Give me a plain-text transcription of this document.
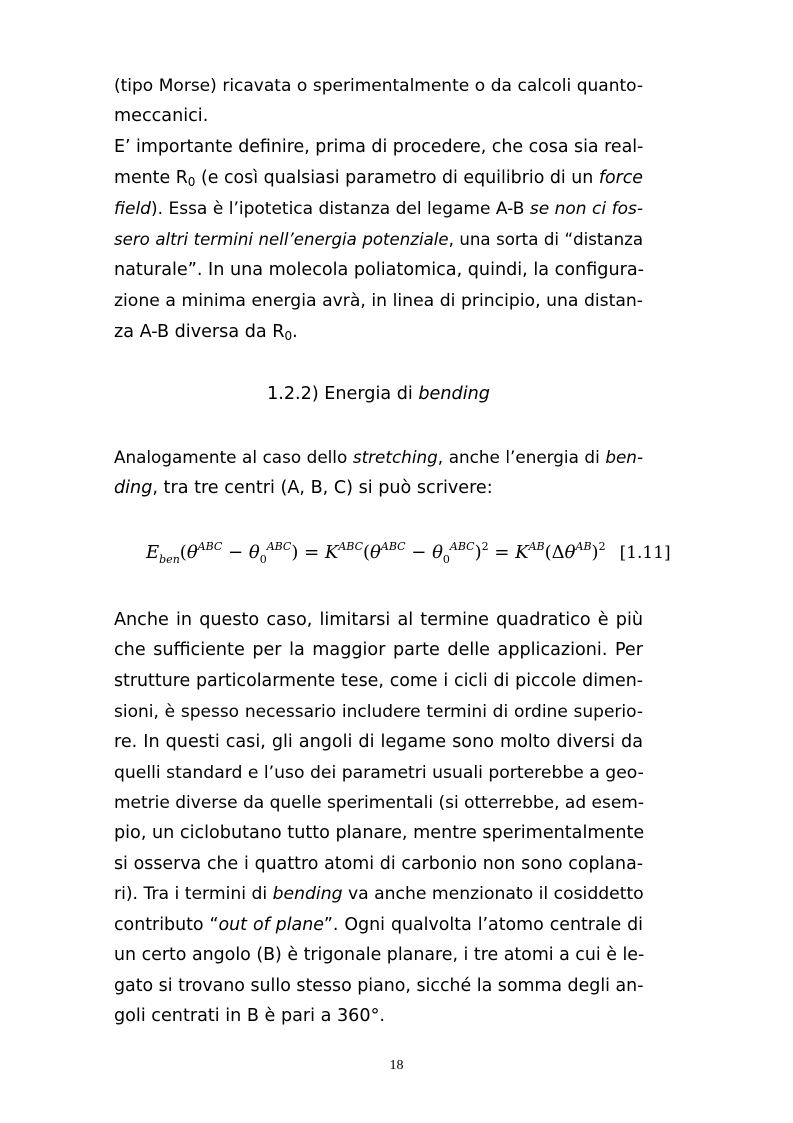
(tipo Morse) ricavata o sperimentalmente o da calcoli quanto-
meccanici.
E’ importante definire, prima di procedere, che cosa sia real-
mente R0 (e così qualsiasi parametro di equilibrio di un force
field). Essa è l’ipotetica distanza del legame A-B se non ci fos-
sero altri termini nell’energia potenziale, una sorta di “distanza
naturale”. In una molecola poliatomica, quindi, la configura-
zione a minima energia avrà, in linea di principio, una distan-
za A-B diversa da R0.
1.2.2) Energia di bending
Analogamente al caso dello stretching, anche l’energia di ben-
ding, tra tre centri (A, B, C) si può scrivere:
$E_{ben}(\theta^{ABC} - \theta_0^{ABC}) = K^{ABC}(\theta^{ABC} - \theta_0^{ABC})^2 = K^{AB}(\Delta\theta^{AB})^2$ [1.11]
Anche in questo caso, limitarsi al termine quadratico è più
che sufficiente per la maggior parte delle applicazioni. Per
strutture particolarmente tese, come i cicli di piccole dimen-
sioni, è spesso necessario includere termini di ordine superio-
re. In questi casi, gli angoli di legame sono molto diversi da
quelli standard e l’uso dei parametri usuali porterebbe a geo-
metrie diverse da quelle sperimentali (si otterrebbe, ad esem-
pio, un ciclobutano tutto planare, mentre sperimentalmente
si osserva che i quattro atomi di carbonio non sono coplana-
ri). Tra i termini di bending va anche menzionato il cosiddetto
contributo “out of plane”. Ogni qualvolta l’atomo centrale di
un certo angolo (B) è trigonale planare, i tre atomi a cui è le-
gato si trovano sullo stesso piano, sicché la somma degli an-
goli centrati in B è pari a 360°.
18
